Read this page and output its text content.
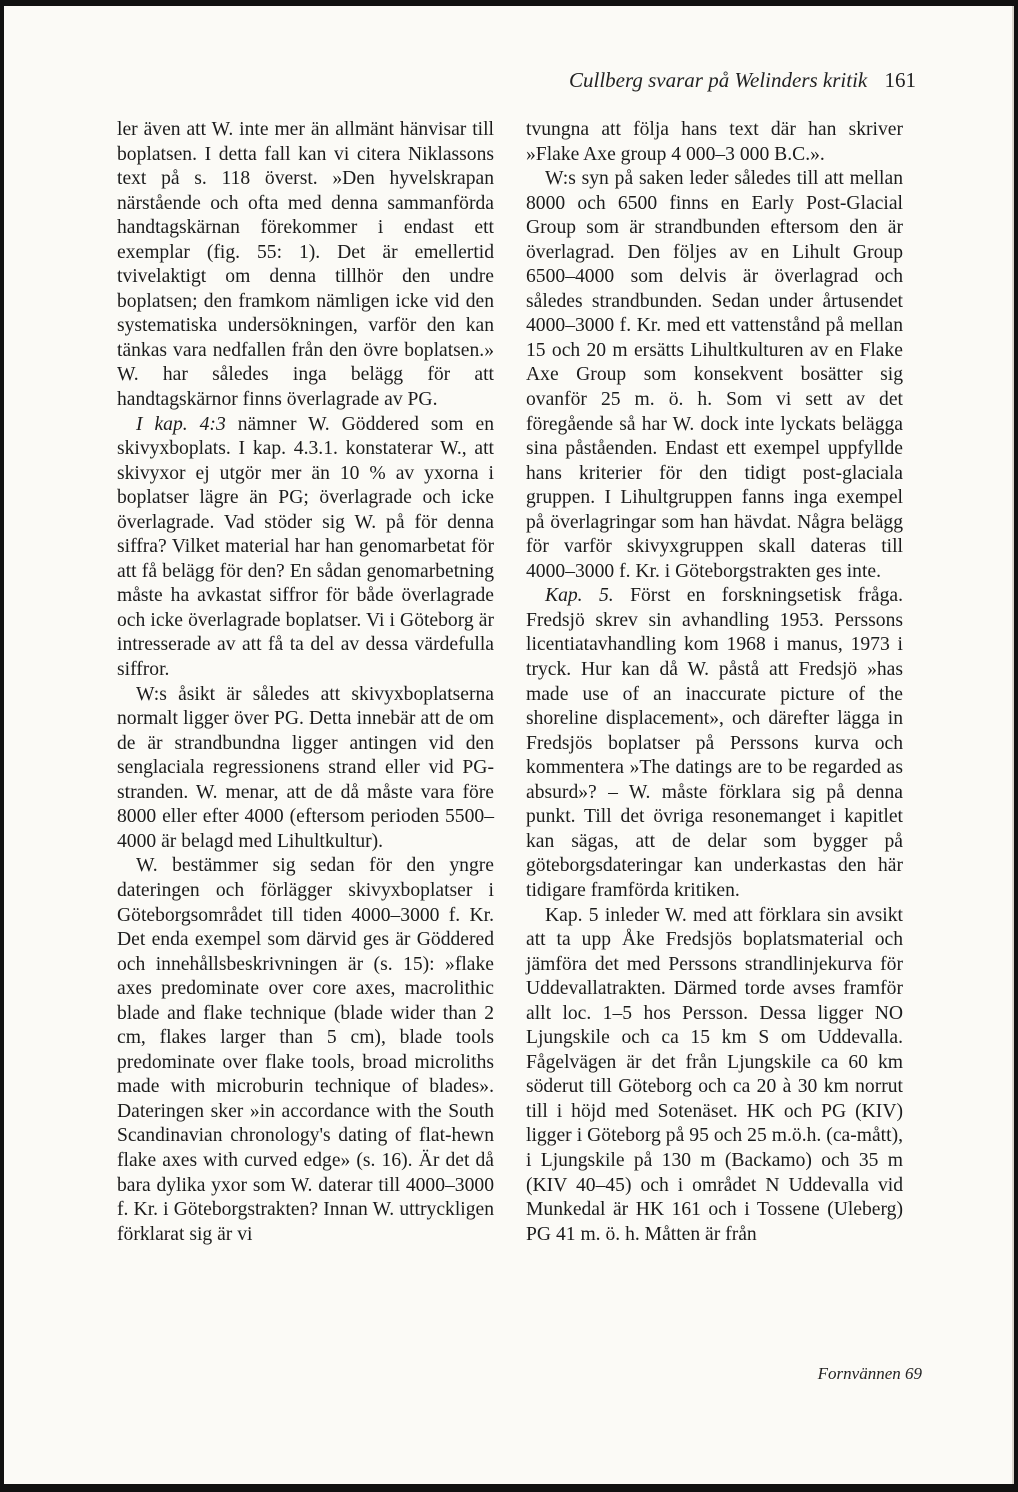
Cullberg svarar på Welinders kritik 161

ler även att W. inte mer än allmänt hänvisar till boplatsen. I detta fall kan vi citera Niklassons text på s. 118 överst. »Den hyvelskrapan närstående och ofta med denna sammanförda handtagskärnan förekommer i endast ett exemplar (fig. 55: 1). Det är emellertid tvivelaktigt om denna tillhör den undre boplatsen; den framkom nämligen icke vid den systematiska undersökningen, varför den kan tänkas vara nedfallen från den övre boplatsen.» W. har således inga belägg för att handtagskärnor finns överlagrade av PG.

I kap. 4:3 nämner W. Göddered som en skivyxboplats. I kap. 4.3.1. konstaterar W., att skivyxor ej utgör mer än 10 % av yxorna i boplatser lägre än PG; överlagrade och icke överlagrade. Vad stöder sig W. på för denna siffra? Vilket material har han genomarbetat för att få belägg för den? En sådan genomarbetning måste ha avkastat siffror för både överlagrade och icke överlagrade boplatser. Vi i Göteborg är intresserade av att få ta del av dessa värdefulla siffror.

W:s åsikt är således att skivyxboplatserna normalt ligger över PG. Detta innebär att de om de är strandbundna ligger antingen vid den senglaciala regressionens strand eller vid PG-stranden. W. menar, att de då måste vara före 8000 eller efter 4000 (eftersom perioden 5500–4000 är belagd med Lihultkultur).

W. bestämmer sig sedan för den yngre dateringen och förlägger skivyxboplatser i Göteborgsområdet till tiden 4000–3000 f. Kr. Det enda exempel som därvid ges är Göddered och innehållsbeskrivningen är (s. 15): »flake axes predominate over core axes, macrolithic blade and flake technique (blade wider than 2 cm, flakes larger than 5 cm), blade tools predominate over flake tools, broad microliths made with microburin technique of blades». Dateringen sker »in accordance with the South Scandinavian chronology's dating of flat-hewn flake axes with curved edge» (s. 16). Är det då bara dylika yxor som W. daterar till 4000–3000 f. Kr. i Göteborgstrakten? Innan W. uttryckligen förklarat sig är vi

tvungna att följa hans text där han skriver »Flake Axe group 4 000–3 000 B.C.».

W:s syn på saken leder således till att mellan 8000 och 6500 finns en Early Post-Glacial Group som är strandbunden eftersom den är överlagrad. Den följes av en Lihult Group 6500–4000 som delvis är överlagrad och således strandbunden. Sedan under årtusendet 4000–3000 f. Kr. med ett vattenstånd på mellan 15 och 20 m ersätts Lihultkulturen av en Flake Axe Group som konsekvent bosätter sig ovanför 25 m. ö. h. Som vi sett av det föregående så har W. dock inte lyckats belägga sina påståenden. Endast ett exempel uppfyllde hans kriterier för den tidigt post-glaciala gruppen. I Lihultgruppen fanns inga exempel på överlagringar som han hävdat. Några belägg för varför skivyxgruppen skall dateras till 4000–3000 f. Kr. i Göteborgstrakten ges inte.

Kap. 5. Först en forskningsetisk fråga. Fredsjö skrev sin avhandling 1953. Perssons licentiatavhandling kom 1968 i manus, 1973 i tryck. Hur kan då W. påstå att Fredsjö »has made use of an inaccurate picture of the shoreline displacement», och därefter lägga in Fredsjös boplatser på Perssons kurva och kommentera »The datings are to be regarded as absurd»? – W. måste förklara sig på denna punkt. Till det övriga resonemanget i kapitlet kan sägas, att de delar som bygger på göteborgsdateringar kan underkastas den här tidigare framförda kritiken.

Kap. 5 inleder W. med att förklara sin avsikt att ta upp Åke Fredsjös boplatsmaterial och jämföra det med Perssons strandlinjekurva för Uddevallatrakten. Därmed torde avses framför allt loc. 1–5 hos Persson. Dessa ligger NO Ljungskile och ca 15 km S om Uddevalla. Fågelvägen är det från Ljungskile ca 60 km söderut till Göteborg och ca 20 à 30 km norrut till i höjd med Sotenäset. HK och PG (KIV) ligger i Göteborg på 95 och 25 m.ö.h. (ca-mått), i Ljungskile på 130 m (Backamo) och 35 m (KIV 40–45) och i området N Uddevalla vid Munkedal är HK 161 och i Tossene (Uleberg) PG 41 m. ö. h. Måtten är från

Fornvännen 69
